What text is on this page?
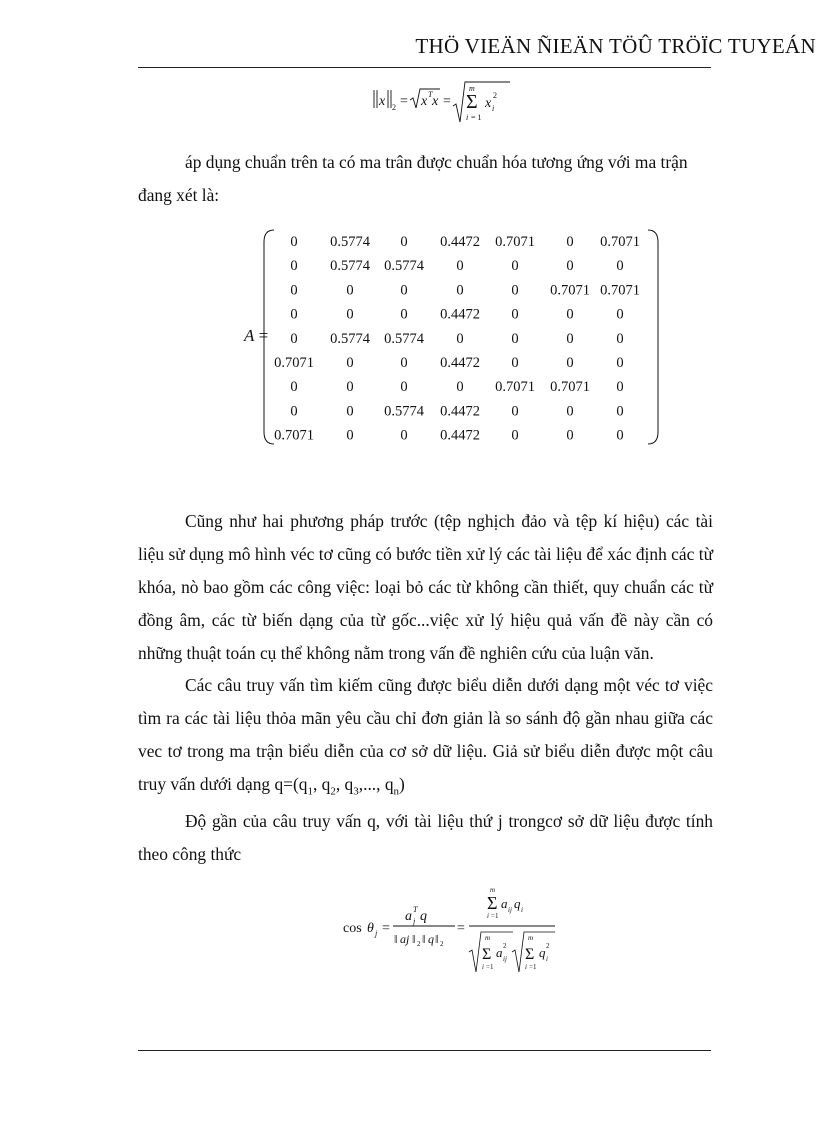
THÖ VIEÄN ÑIEÄN TÖÛ TRÖÏC TUYEÁN
x 2 = x T x =
m
Σ
i = 1
x
2
i
áp dụng chuẩn trên ta có ma trân được chuẩn hóa tương ứng với ma trận
đang xét là:
A =
0 0.5774 0 0.4472 0.7071 0 0.7071
0 0.5774 0.5774 0	0	0	0
0	0	0	0	0 0.7071 0.7071
0	0	0 0.4472 0	0	0
0 0.5774 0.5774 0	0	0	0
0.7071 0	0 0.4472 0	0	0
0	0	0	0 0.7071 0.7071 0
0	0 0.5774 0.4472 0	0	0
0.7071 0	0 0.4472 0	0	0
Cũng như hai phương pháp trước (tệp nghịch đảo và tệp kí hiệu) các tài liệu sử dụng mô hình véc tơ cũng có bước tiền xử lý các tài liệu để xác định các từ khóa, nò bao gồm các công việc: loại bỏ các từ không cần thiết, quy chuẩn các từ đồng âm, các từ biến dạng của từ gốc...việc xử lý hiệu quả vấn đề này cần có những thuật toán cụ thể không nằm trong vấn đề nghiên cứu của luận văn.
Các câu truy vấn tìm kiếm cũng được biểu diễn dưới dạng một véc tơ việc tìm ra các tài liệu thỏa mãn yêu cầu chỉ đơn giản là so sánh độ gần nhau giữa các vec tơ trong ma trận biểu diễn của cơ sở dữ liệu. Giả sử biểu diễn được một câu truy vấn dưới dạng $q=(q_1$, $q_2$, $q_3$,..., $q_n$)
Độ gần của câu truy vấn q, với tài liệu thứ j trongcơ sở dữ liệu được tính theo công thức
cos θ j =
a T
j q
‖ aj ‖ 2 ‖ q ‖ 2
=
m
Σ
i =1
a ij q i
m
Σ
i =1
a 2
ij
m
Σ
i =1
q 2
i
